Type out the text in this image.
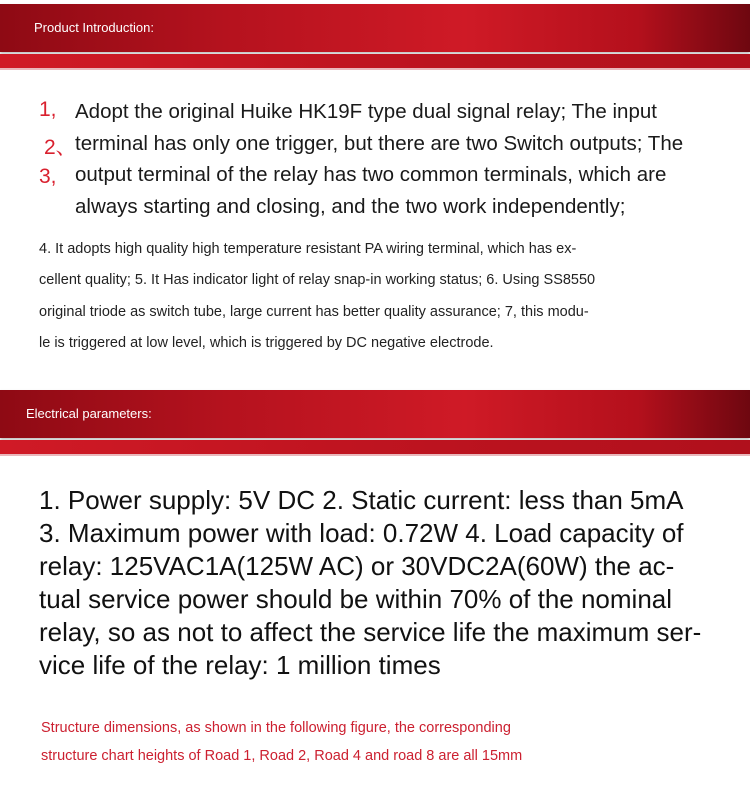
Product Introduction:
1,
2、
3,
Adopt the original Huike HK19F type dual signal relay; The input
terminal has only one trigger, but there are two Switch outputs; The
output terminal of the relay has two common terminals, which are
always starting and closing, and the two work independently;
4. It adopts high quality high temperature resistant PA wiring terminal, which has ex-
cellent quality; 5. It Has indicator light of relay snap-in working status; 6. Using SS8550
original triode as switch tube, large current has better quality assurance; 7, this modu-
le is triggered at low level, which is triggered by DC negative electrode.
Electrical parameters:
1. Power supply: 5V DC 2. Static current: less than 5mA
3. Maximum power with load: 0.72W 4. Load capacity of
relay: 125VAC1A(125W AC) or 30VDC2A(60W) the ac-
tual service power should be within 70% of the nominal
relay, so as not to affect the service life the maximum ser-
vice life of the relay: 1 million times
Structure dimensions, as shown in the following figure, the corresponding
structure chart heights of Road 1, Road 2, Road 4 and road 8 are all 15mm
